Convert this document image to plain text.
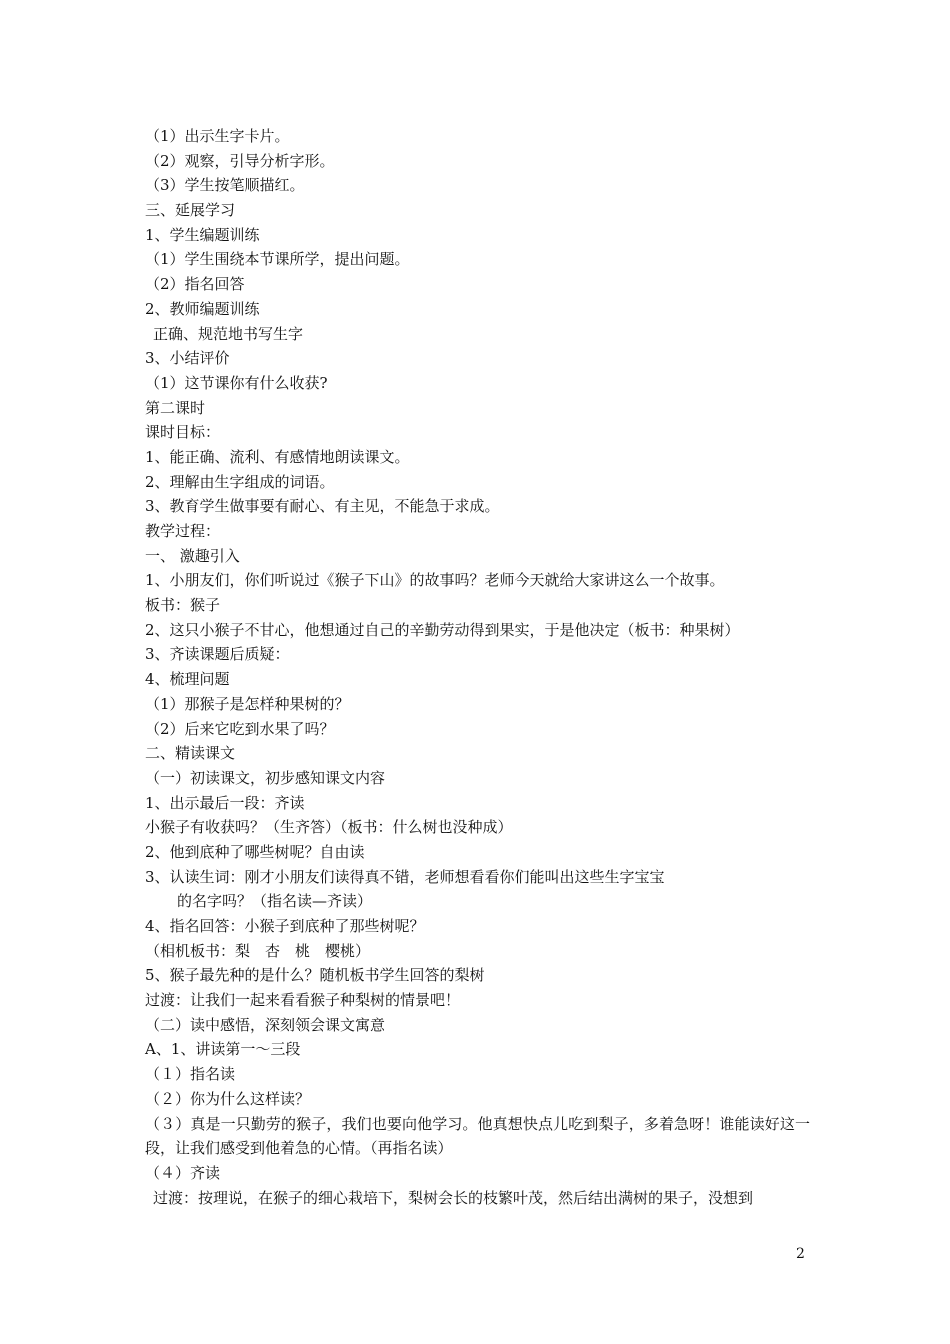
（1）出示生字卡片。
（2）观察，引导分析字形。
（3）学生按笔顺描红。
三、延展学习
1、学生编题训练
（1）学生围绕本节课所学，提出问题。
（2）指名回答
2、教师编题训练
正确、规范地书写生字
3、小结评价
（1）这节课你有什么收获?
第二课时
课时目标：
1、能正确、流利、有感情地朗读课文。
2、理解由生字组成的词语。
3、教育学生做事要有耐心、有主见，不能急于求成。
教学过程：
一、 激趣引入
1、小朋友们，你们听说过《猴子下山》的故事吗？老师今天就给大家讲这么一个故事。
板书：猴子
2、这只小猴子不甘心，他想通过自己的辛勤劳动得到果实，于是他决定（板书：种果树）
3、齐读课题后质疑：
4、梳理问题
（1）那猴子是怎样种果树的？
（2）后来它吃到水果了吗？
二、精读课文
（一）初读课文，初步感知课文内容
1、出示最后一段：齐读
小猴子有收获吗？（生齐答）（板书：什么树也没种成）
2、他到底种了哪些树呢？自由读
3、认读生词：刚才小朋友们读得真不错，老师想看看你们能叫出这些生字宝宝
的名字吗？（指名读—齐读）
4、指名回答：小猴子到底种了那些树呢？
（相机板书：梨　杏　桃　樱桃）
5、猴子最先种的是什么？随机板书学生回答的梨树
过渡：让我们一起来看看猴子种梨树的情景吧！
（二）读中感悟，深刻领会课文寓意
A、1、讲读第一～三段
（１）指名读
（２）你为什么这样读？
（３）真是一只勤劳的猴子，我们也要向他学习。他真想快点儿吃到梨子，多着急呀！谁能读好这一段，让我们感受到他着急的心情。（再指名读）
（４）齐读
过渡：按理说，在猴子的细心栽培下，梨树会长的枝繁叶茂，然后结出满树的果子，没想到
2
